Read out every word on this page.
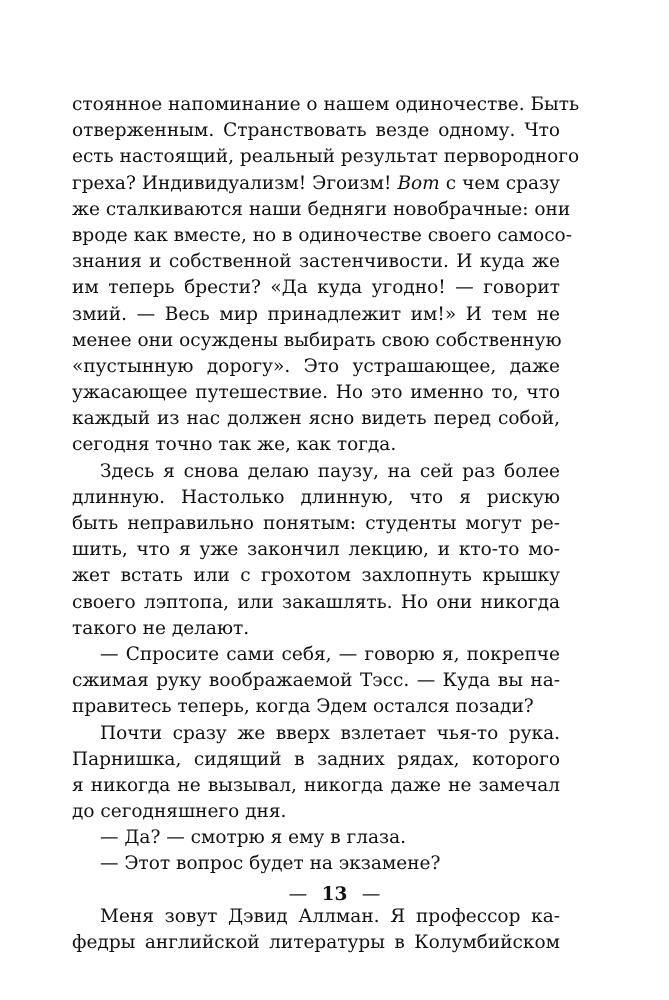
стоянное напоминание о нашем одиночестве. Быть
отверженным. Странствовать везде одному. Что
есть настоящий, реальный результат первородного
греха? Индивидуализм! Эгоизм! Вот с чем сразу
же сталкиваются наши бедняги новобрачные: они
вроде как вместе, но в одиночестве своего самосо-
знания и собственной застенчивости. И куда же
им теперь брести? «Да куда угодно! — говорит
змий. — Весь мир принадлежит им!» И тем не
менее они осуждены выбирать свою собственную
«пустынную дорогу». Это устрашающее, даже
ужасающее путешествие. Но это именно то, что
каждый из нас должен ясно видеть перед собой,
сегодня точно так же, как тогда.
Здесь я снова делаю паузу, на сей раз более
длинную. Настолько длинную, что я рискую
быть неправильно понятым: студенты могут ре-
шить, что я уже закончил лекцию, и кто-то мо-
жет встать или с грохотом захлопнуть крышку
своего лэптопа, или закашлять. Но они никогда
такого не делают.
— Спросите сами себя, — говорю я, покрепче
сжимая руку воображаемой Тэсс. — Куда вы на-
правитесь теперь, когда Эдем остался позади?
Почти сразу же вверх взлетает чья-то рука.
Парнишка, сидящий в задних рядах, которого
я никогда не вызывал, никогда даже не замечал
до сегодняшнего дня.
— Да? — смотрю я ему в глаза.
— Этот вопрос будет на экзамене?
Меня зовут Дэвид Аллман. Я профессор ка-
федры английской литературы в Колумбийском
— 13 —
